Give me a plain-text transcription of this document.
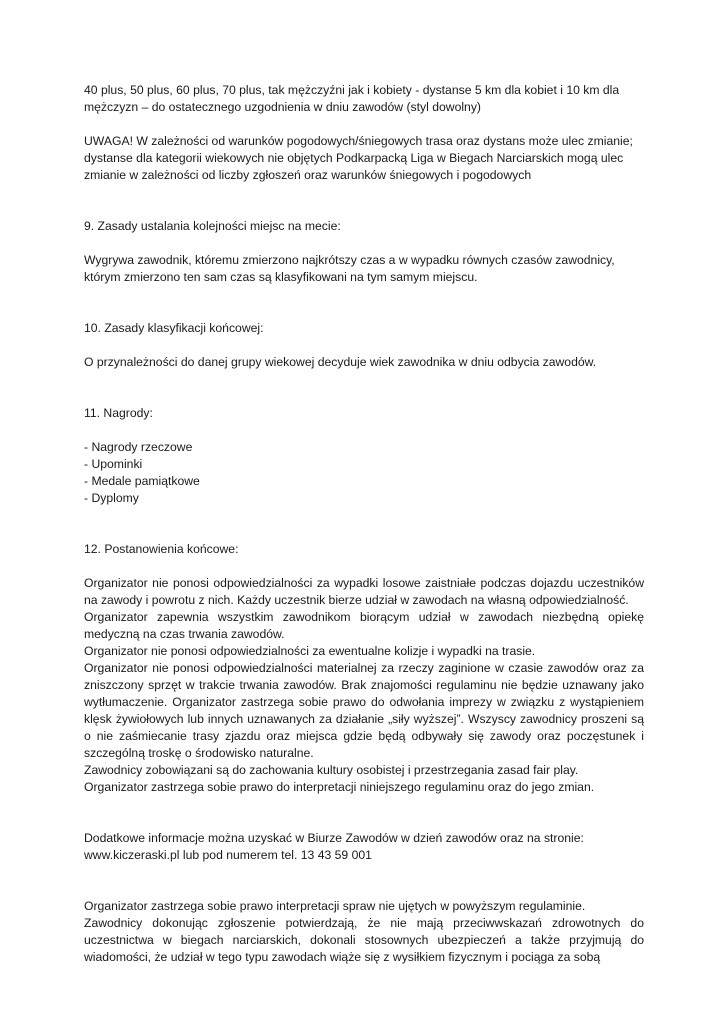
40 plus, 50 plus, 60 plus, 70 plus, tak mężczyźni jak i kobiety - dystanse 5 km dla kobiet i 10 km dla mężczyzn – do ostatecznego uzgodnienia w dniu zawodów (styl dowolny)

UWAGA! W zależności od warunków pogodowych/śniegowych trasa oraz dystans może ulec zmianie; dystanse dla kategorii wiekowych nie objętych Podkarpacką Liga w Biegach Narciarskich mogą ulec zmianie w zależności od liczby zgłoszeń oraz warunków śniegowych i pogodowych

9. Zasady ustalania kolejności miejsc na mecie:

Wygrywa zawodnik, któremu zmierzono najkrótszy czas a w wypadku równych czasów zawodnicy, którym zmierzono ten sam czas są klasyfikowani na tym samym miejscu.

10. Zasady klasyfikacji końcowej:

O przynależności do danej grupy wiekowej decyduje wiek zawodnika w dniu odbycia zawodów.

11. Nagrody:

- Nagrody rzeczowe
- Upominki
- Medale pamiątkowe
- Dyplomy

12. Postanowienia końcowe:

Organizator nie ponosi odpowiedzialności za wypadki losowe zaistniałe podczas dojazdu uczestników na zawody i powrotu z nich. Każdy uczestnik bierze udział w zawodach na własną odpowiedzialność.

Organizator zapewnia wszystkim zawodnikom biorącym udział w zawodach niezbędną opiekę medyczną na czas trwania zawodów.

Organizator nie ponosi odpowiedzialności za ewentualne kolizje i wypadki na trasie.

Organizator nie ponosi odpowiedzialności materialnej za rzeczy zaginione w czasie zawodów oraz za zniszczony sprzęt w trakcie trwania zawodów. Brak znajomości regulaminu nie będzie uznawany jako wytłumaczenie. Organizator zastrzega sobie prawo do odwołania imprezy w związku z wystąpieniem klęsk żywiołowych lub innych uznawanych za działanie „siły wyższej”. Wszyscy zawodnicy proszeni są o nie zaśmiecanie trasy zjazdu oraz miejsca gdzie będą odbywały się zawody oraz poczęstunek i szczególną troskę o środowisko naturalne.

Zawodnicy zobowiązani są do zachowania kultury osobistej i przestrzegania zasad fair play.

Organizator zastrzega sobie prawo do interpretacji niniejszego regulaminu oraz do jego zmian.

Dodatkowe informacje można uzyskać w Biurze Zawodów w dzień zawodów oraz na stronie:

www.kiczeraski.pl lub pod numerem tel. 13 43 59 001

Organizator zastrzega sobie prawo interpretacji spraw nie ujętych w powyższym regulaminie.

Zawodnicy dokonując zgłoszenie potwierdzają, że nie mają przeciwwskazań zdrowotnych do uczestnictwa w biegach narciarskich, dokonali stosownych ubezpieczeń a także przyjmują do wiadomości, że udział w tego typu zawodach wiąże się z wysiłkiem fizycznym i pociąga za sobą
